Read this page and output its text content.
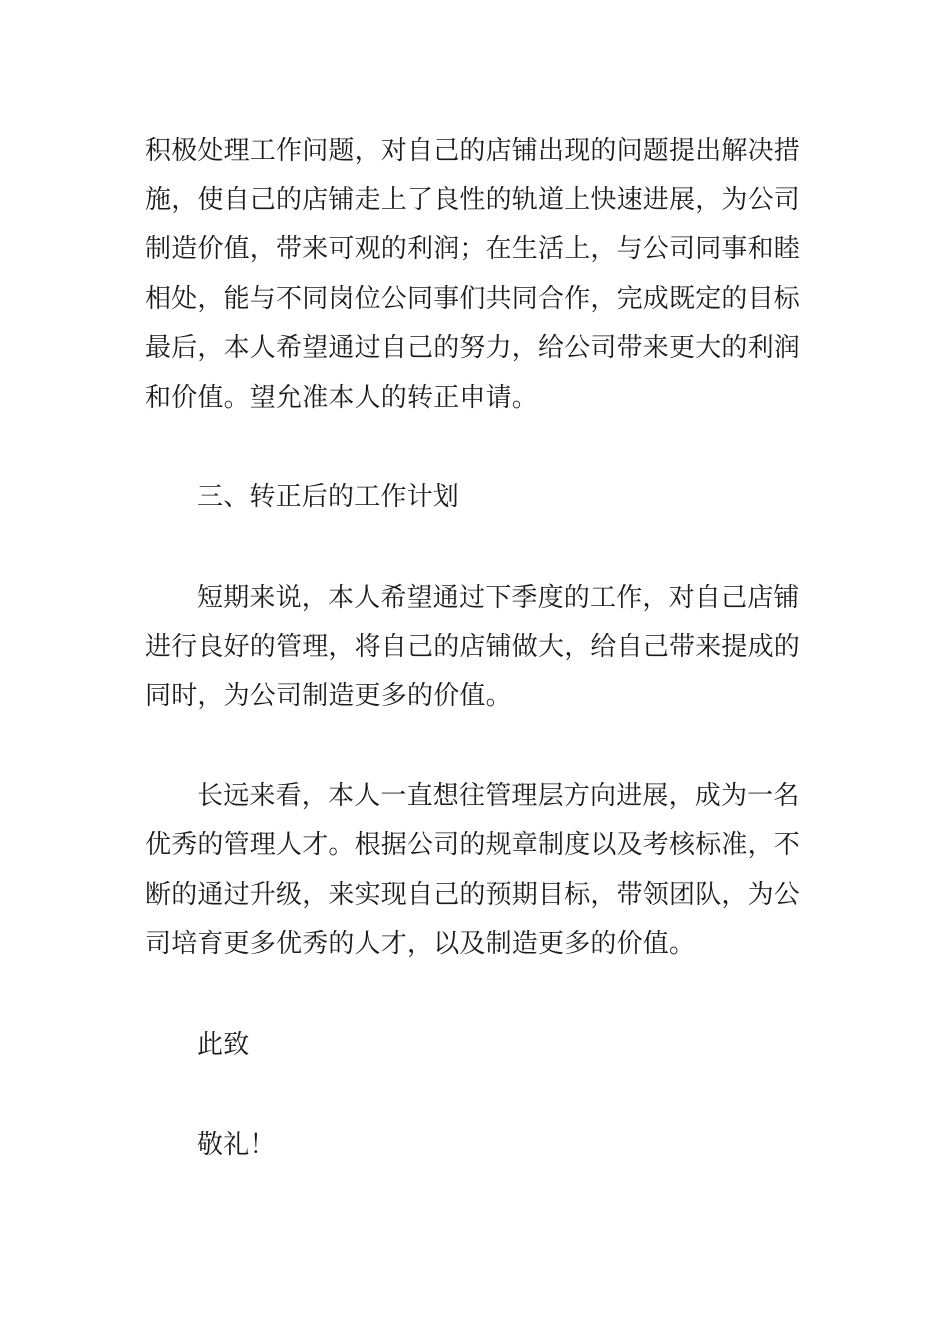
积极处理工作问题，对自己的店铺出现的问题提出解决措
施，使自己的店铺走上了良性的轨道上快速进展，为公司
制造价值，带来可观的利润；在生活上，与公司同事和睦
相处，能与不同岗位公同事们共同合作，完成既定的目标
最后，本人希望通过自己的努力，给公司带来更大的利润
和价值。望允准本人的转正申请。
三、转正后的工作计划
短期来说，本人希望通过下季度的工作，对自己店铺
进行良好的管理，将自己的店铺做大，给自己带来提成的
同时，为公司制造更多的价值。
长远来看，本人一直想往管理层方向进展，成为一名
优秀的管理人才。根据公司的规章制度以及考核标准，不
断的通过升级，来实现自己的预期目标，带领团队，为公
司培育更多优秀的人才，以及制造更多的价值。
此致
敬礼！
